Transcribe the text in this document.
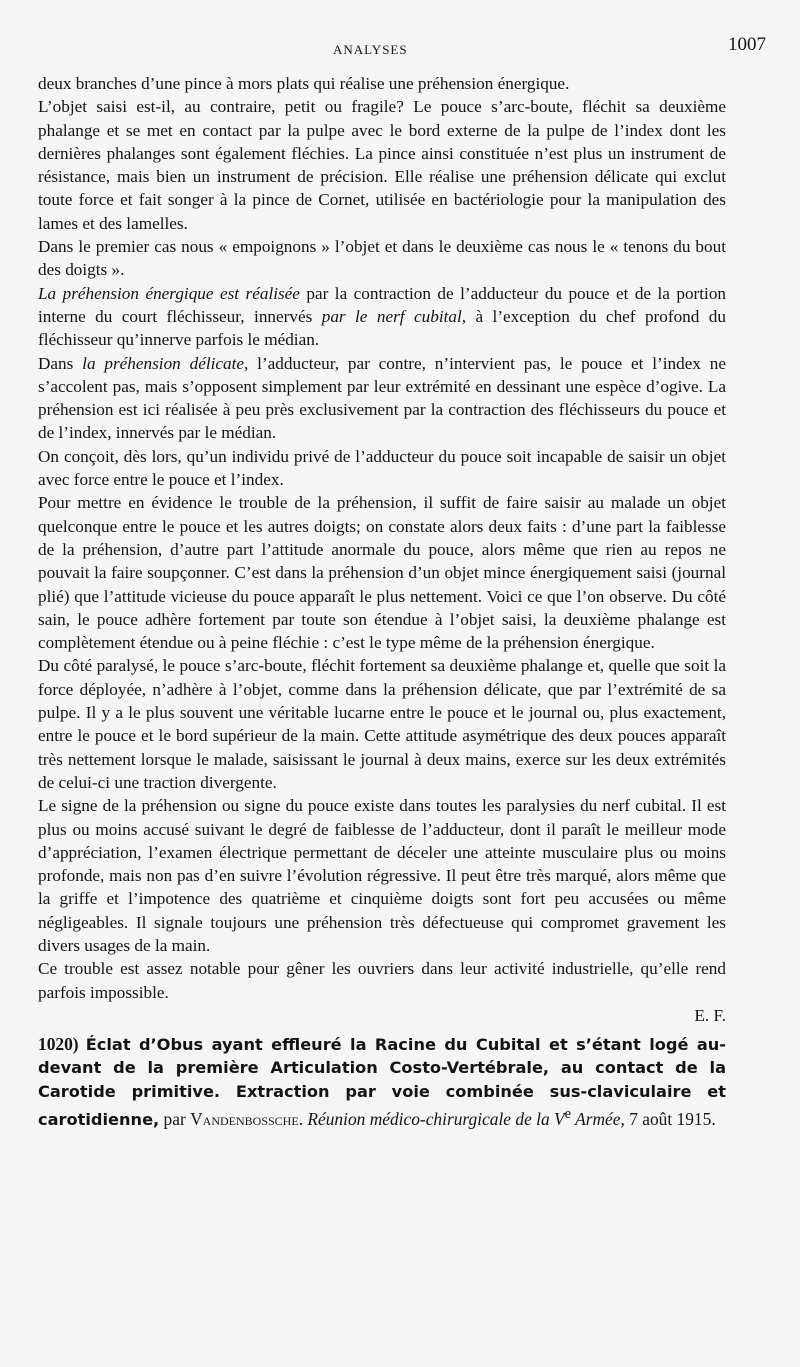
ANALYSES	1007

deux branches d’une pince à mors plats qui réalise une préhension énergique.

L’objet saisi est-il, au contraire, petit ou fragile? Le pouce s’arc-boute, fléchit sa deuxième phalange et se met en contact par la pulpe avec le bord externe de la pulpe de l’index dont les dernières phalanges sont également fléchies. La pince ainsi constituée n’est plus un instrument de résistance, mais bien un instrument de précision. Elle réalise une préhension délicate qui exclut toute force et fait songer à la pince de Cornet, utilisée en bactériologie pour la manipulation des lames et des lamelles.

Dans le premier cas nous « empoignons » l’objet et dans le deuxième cas nous le « tenons du bout des doigts ».

La préhension énergique est réalisée par la contraction de l’adducteur du pouce et de la portion interne du court fléchisseur, innervés par le nerf cubital, à l’exception du chef profond du fléchisseur qu’innerve parfois le médian.

Dans la préhension délicate, l’adducteur, par contre, n’intervient pas, le pouce et l’index ne s’accolent pas, mais s’opposent simplement par leur extrémité en dessinant une espèce d’ogive. La préhension est ici réalisée à peu près exclusivement par la contraction des fléchisseurs du pouce et de l’index, innervés par le médian.

On conçoit, dès lors, qu’un individu privé de l’adducteur du pouce soit incapable de saisir un objet avec force entre le pouce et l’index.

Pour mettre en évidence le trouble de la préhension, il suffit de faire saisir au malade un objet quelconque entre le pouce et les autres doigts; on constate alors deux faits : d’une part la faiblesse de la préhension, d’autre part l’attitude anormale du pouce, alors même que rien au repos ne pouvait la faire soupçonner. C’est dans la préhension d’un objet mince énergiquement saisi (journal plié) que l’attitude vicieuse du pouce apparaît le plus nettement. Voici ce que l’on observe. Du côté sain, le pouce adhère fortement par toute son étendue à l’objet saisi, la deuxième phalange est complètement étendue ou à peine fléchie : c’est le type même de la préhension énergique.

Du côté paralysé, le pouce s’arc-boute, fléchit fortement sa deuxième phalange et, quelle que soit la force déployée, n’adhère à l’objet, comme dans la préhension délicate, que par l’extrémité de sa pulpe. Il y a le plus souvent une véritable lucarne entre le pouce et le journal ou, plus exactement, entre le pouce et le bord supérieur de la main. Cette attitude asymétrique des deux pouces apparaît très nettement lorsque le malade, saisissant le journal à deux mains, exerce sur les deux extrémités de celui-ci une traction divergente.

Le signe de la préhension ou signe du pouce existe dans toutes les paralysies du nerf cubital. Il est plus ou moins accusé suivant le degré de faiblesse de l’adducteur, dont il paraît le meilleur mode d’appréciation, l’examen électrique permettant de déceler une atteinte musculaire plus ou moins profonde, mais non pas d’en suivre l’évolution régressive. Il peut être très marqué, alors même que la griffe et l’impotence des quatrième et cinquième doigts sont fort peu accusées ou même négligeables. Il signale toujours une préhension très défectueuse qui compromet gravement les divers usages de la main.

Ce trouble est assez notable pour gêner les ouvriers dans leur activité industrielle, qu’elle rend parfois impossible.

E. F.

1020) Éclat d’Obus ayant effleuré la Racine du Cubital et s’étant logé au-devant de la première Articulation Costo-Vertébrale, au contact de la Carotide primitive. Extraction par voie combinée sus-claviculaire et carotidienne, par Vandenbossche. Réunion médico-chirurgicale de la Ve Armée, 7 août 1915.
